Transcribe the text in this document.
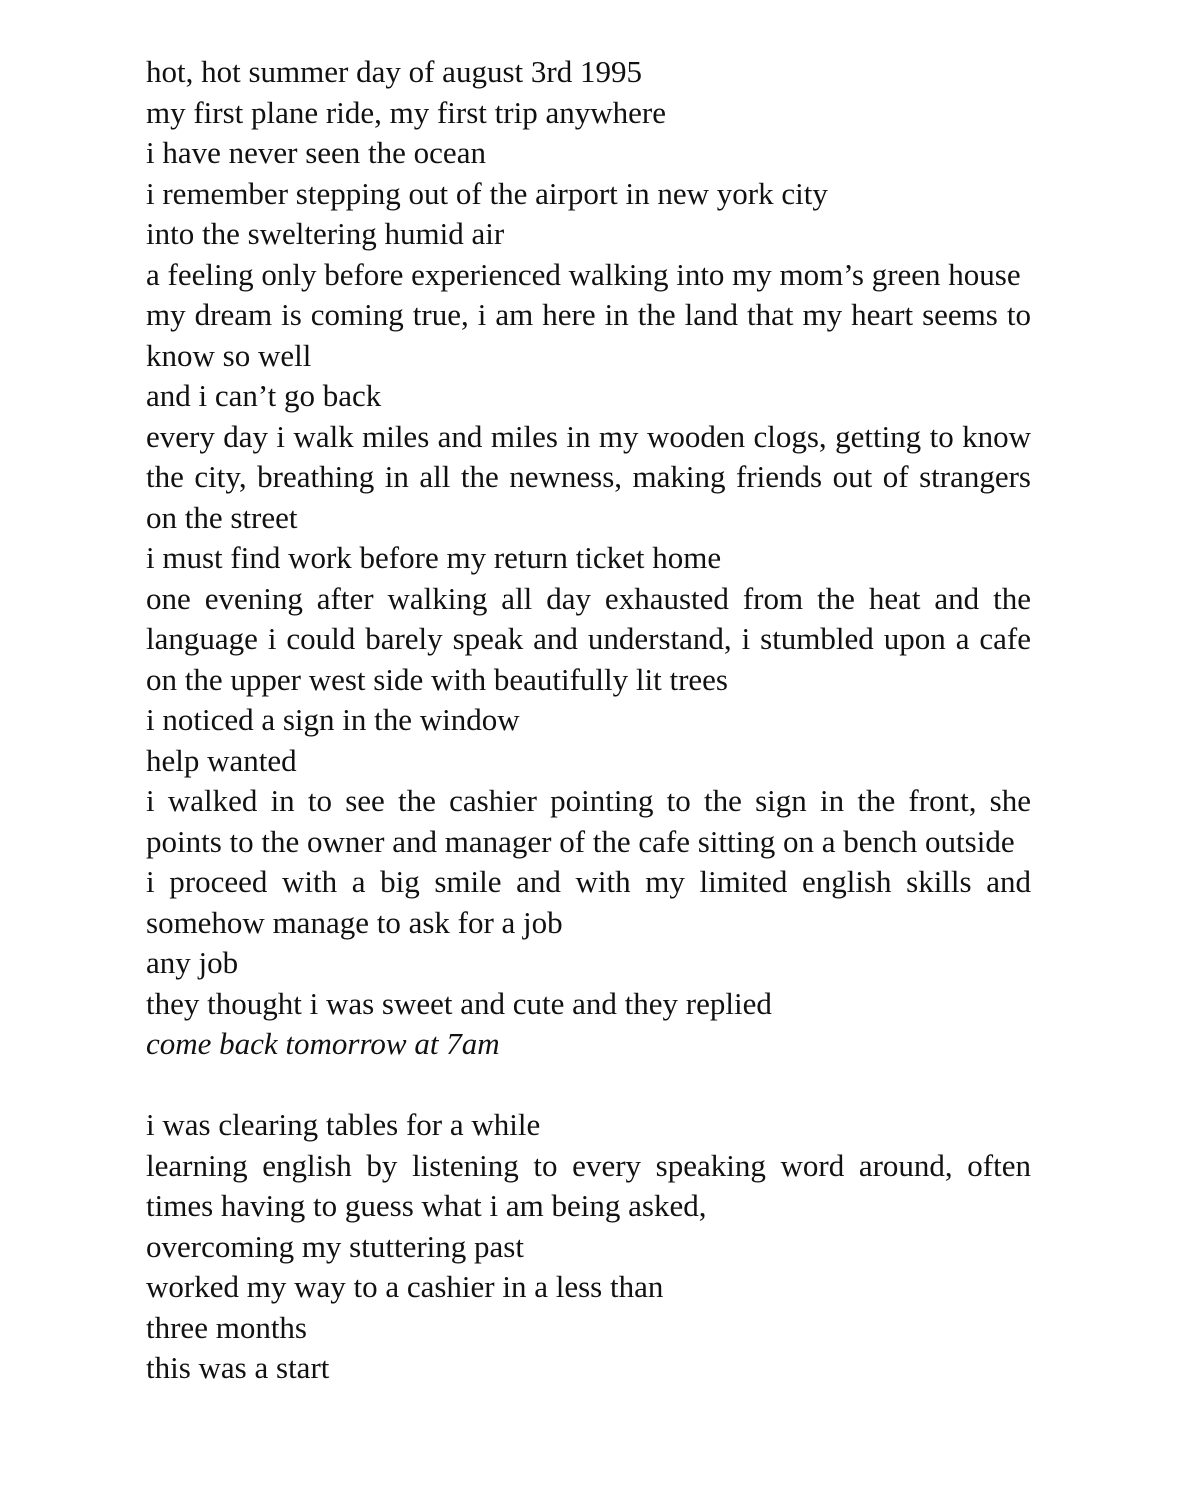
hot, hot summer day of august 3rd 1995
my first plane ride, my first trip anywhere
i have never seen the ocean
i remember stepping out of the airport in new york city
into the sweltering humid air
a feeling only before experienced walking into my mom’s green house
my dream is coming true, i am here in the land that my heart seems to know so well
and i can’t go back
every day i walk miles and miles in my wooden clogs, getting to know the city, breathing in all the newness, making friends out of strangers on the street
i must find work before my return ticket home
one evening after walking all day exhausted from the heat and the language i could barely speak and understand, i stumbled upon a cafe on the upper west side with beautifully lit trees
i noticed a sign in the window
help wanted
i walked in to see the cashier pointing to the sign in the front, she points to the owner and manager of the cafe sitting on a bench outside
i proceed with a big smile and with my limited english skills and somehow manage to ask for a job
any job
they thought i was sweet and cute and they replied
come back tomorrow at 7am
i was clearing tables for a while
learning english by listening to every speaking word around, often times having to guess what i am being asked,
overcoming my stuttering past
worked my way to a cashier in a less than
three months
this was a start
